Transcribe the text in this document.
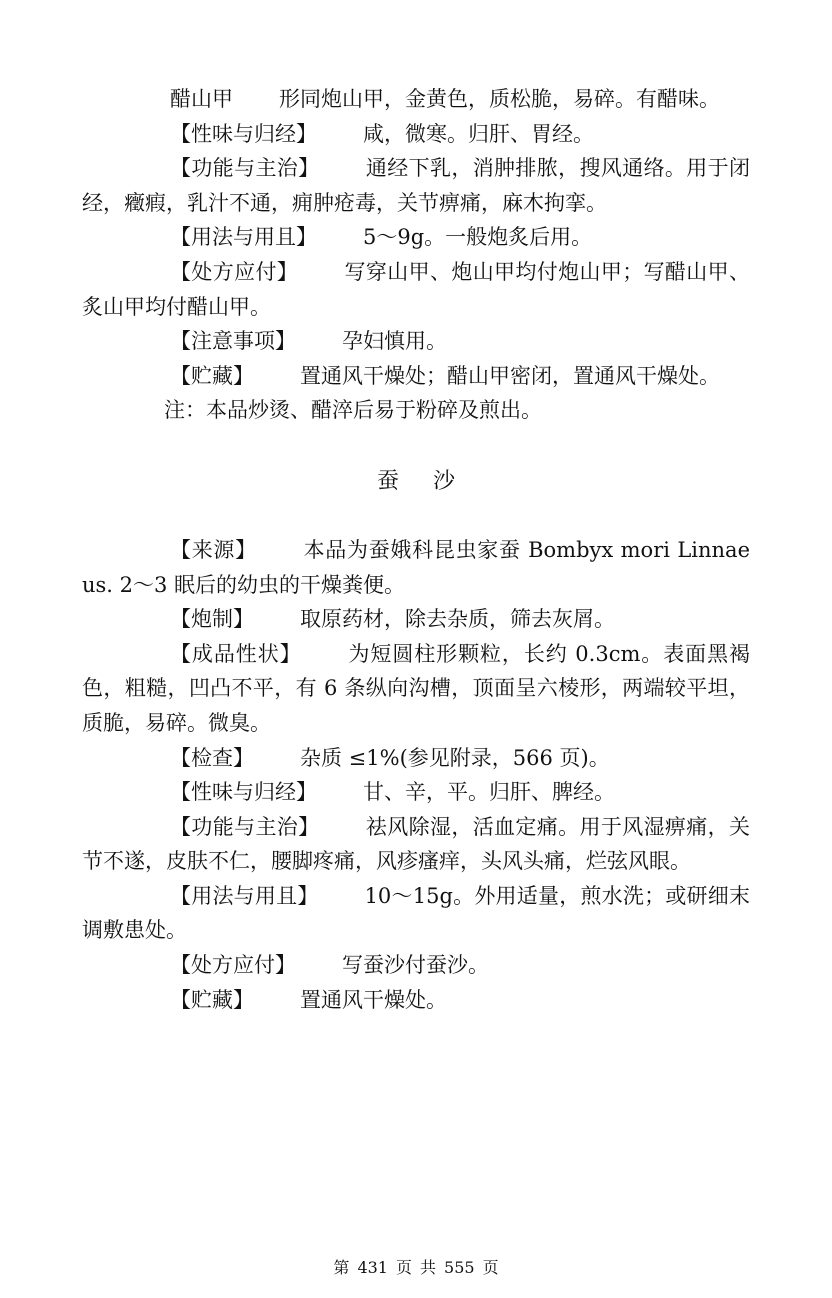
醋山甲 形同炮山甲，金黄色，质松脆，易碎。有醋味。

【性味与归经】 咸，微寒。归肝、胃经。

【功能与主治】 通经下乳，消肿排脓，搜风通络。用于闭经，癥瘕，乳汁不通，痈肿疮毒，关节痹痛，麻木拘挛。

【用法与用且】 5～9g。一般炮炙后用。

【处方应付】 写穿山甲、炮山甲均付炮山甲；写醋山甲、炙山甲均付醋山甲。

【注意事项】 孕妇慎用。

【贮藏】 置通风干燥处；醋山甲密闭，置通风干燥处。

注：本品炒烫、醋淬后易于粉碎及煎出。

蚕 沙

【来源】 本品为蚕娥科昆虫家蚕 Bombyx mori Linnaeus. 2～3 眠后的幼虫的干燥粪便。

【炮制】 取原药材，除去杂质，筛去灰屑。

【成品性状】 为短圆柱形颗粒，长约 0.3cm。表面黑褐色，粗糙，凹凸不平，有 6 条纵向沟槽，顶面呈六棱形，两端较平坦，质脆，易碎。微臭。

【检查】 杂质 ≤1%(参见附录，566 页)。

【性味与归经】 甘、辛，平。归肝、脾经。

【功能与主治】 祛风除湿，活血定痛。用于风湿痹痛，关节不遂，皮肤不仁，腰脚疼痛，风疹瘙痒，头风头痛，烂弦风眼。

【用法与用且】 10～15g。外用适量，煎水洗；或研细末调敷患处。

【处方应付】 写蚕沙付蚕沙。

【贮藏】 置通风干燥处。

第 431 页 共 555 页
